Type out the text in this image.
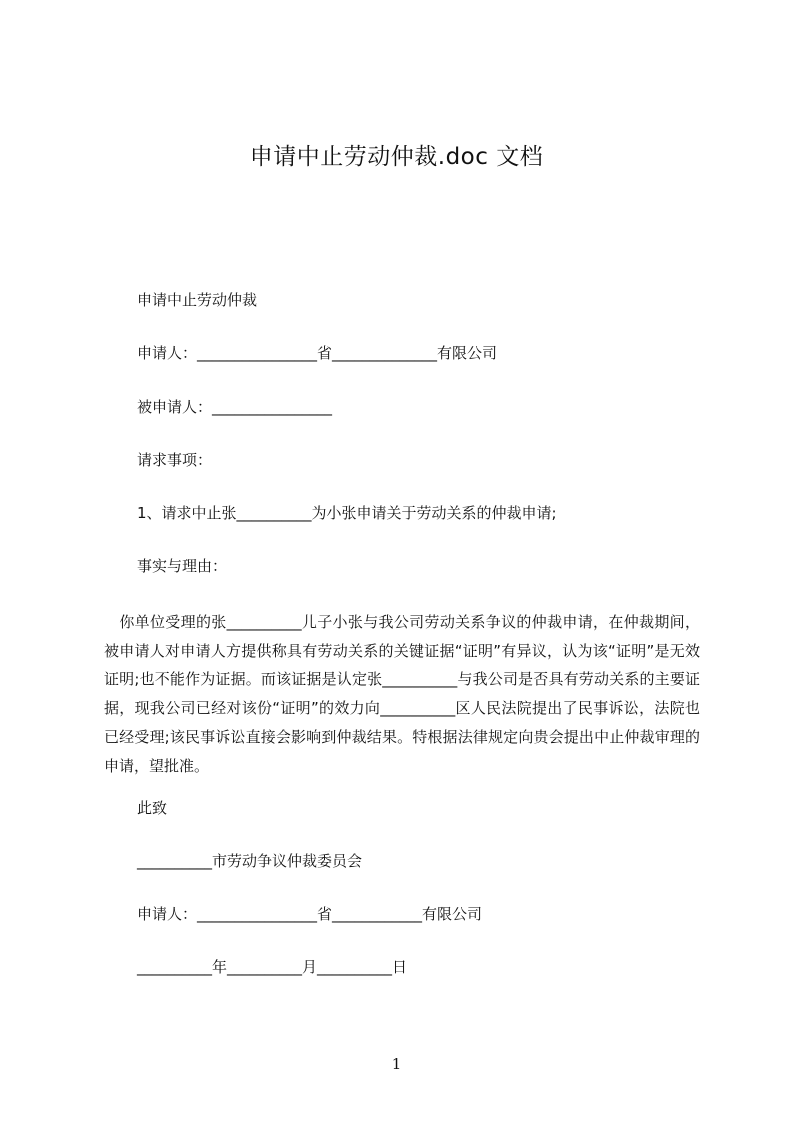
申请中止劳动仲裁.doc 文档
申请中止劳动仲裁
申请人：________________省______________有限公司
被申请人：________________
请求事项：
1、请求中止张__________为小张申请关于劳动关系的仲裁申请;
事实与理由：
　你单位受理的张__________儿子小张与我公司劳动关系争议的仲裁申请，在仲裁期间，被申请人对申请人方提供称具有劳动关系的关键证据“证明”有异议，认为该“证明”是无效证明;也不能作为证据。而该证据是认定张__________与我公司是否具有劳动关系的主要证据，现我公司已经对该份“证明”的效力向__________区人民法院提出了民事诉讼，法院也已经受理;该民事诉讼直接会影响到仲裁结果。特根据法律规定向贵会提出中止仲裁审理的申请，望批准。
此致
__________市劳动争议仲裁委员会
申请人：________________省____________有限公司
__________年__________月__________日
1
